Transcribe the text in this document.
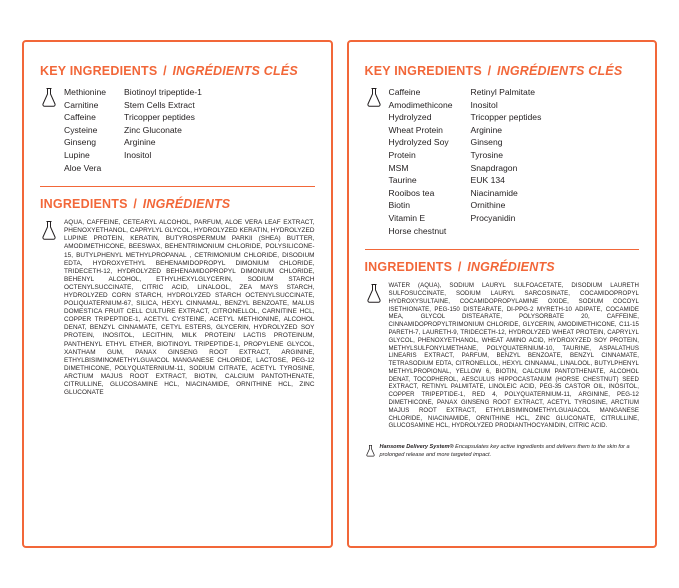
KEY INGREDIENTS / INGRÉDIENTS CLÉS
Methionine
Carnitine
Caffeine
Cysteine
Ginseng
Lupine
Aloe Vera
Biotinoyl tripeptide-1
Stem Cells Extract
Tricopper peptides
Zinc Gluconate
Arginine
Inositol
INGREDIENTS / INGRÉDIENTS
AQUA, CAFFEINE, CETEARYL ALCOHOL, PARFUM, ALOE VERA LEAF EXTRACT, PHENOXYETHANOL, CAPRYLYL GLYCOL, HYDROLYZED KERATIN, HYDROLYZED LUPINE PROTEIN, KERATIN, BUTYROSPERMUM PARKII (SHEA) BUTTER, AMODIMETHICONE, BEESWAX, BEHENTRIMONIUM CHLORIDE, POLYSILICONE-15, BUTYLPHENYL METHYLPROPANAL , CETRIMONIUM CHLORIDE, DISODIUM EDTA, HYDROXYETHYL BEHENAMIDOPROPYL DIMONIUM CHLORIDE, TRIDECETH-12, HYDROLYZED BEHENAMIDOPROPYL DIMONIUM CHLORIDE, BEHENYL ALCOHOL, ETHYLHEXYLGLYCERIN, SODIUM STARCH OCTENYLSUCCINATE, CITRIC ACID, LINALOOL, ZEA MAYS STARCH, HYDROLYZED CORN STARCH, HYDROLYZED STARCH OCTENYLSUCCINATE, POLIQUATERNIUM-67, SILICA, HEXYL CINNAMAL, BENZYL BENZOATE, MALUS DOMESTICA FRUIT CELL CULTURE EXTRACT, CITRONELLOL, CARNITINE HCL, COPPER TRIPEPTIDE-1, ACETYL CYSTEINE, ACETYL METHIONINE, ALCOHOL DENAT, BENZYL CINNAMATE, CETYL ESTERS, GLYCERIN, HYDROLYZED SOY PROTEIN, INOSITOL, LECITHIN, MILK PROTEIN/ LACTIS PROTEINUM, PANTHENYL ETHYL ETHER, BIOTINOYL TRIPEPTIDE-1, PROPYLENE GLYCOL, XANTHAM GUM, PANAX GINSENG ROOT EXTRACT, ARGININE, ETHYLBISIMINOMETHYLGUAICOL MANGANESE CHLORIDE, LACTOSE, PEG-12 DIMETHICONE, POLYQUATERNIUM-11, SODIUM CITRATE, ACETYL TYROSINE, ARCTIUM MAJUS ROOT EXTRACT, BIOTIN, CALCIUM PANTOTHENATE, CITRULLINE, GLUCOSAMINE HCL, NIACINAMIDE, ORNITHINE HCL, ZINC GLUCONATE
KEY INGREDIENTS / INGRÉDIENTS CLÉS
Caffeine
Amodimethicone
Hydrolyzed
Wheat Protein
Hydrolyzed Soy
Protein
MSM
Taurine
Rooibos tea
Biotin
Vitamin E
Horse chestnut
Retinyl Palmitate
Inositol
Tricopper peptides
Arginine
Ginseng
Tyrosine
Snapdragon
EUK 134
Niacinamide
Ornithine
Procyanidin
INGREDIENTS / INGRÉDIENTS
WATER (AQUA), SODIUM LAURYL SULFOACETATE, DISODIUM LAURETH SULFOSUCCINATE, SODIUM LAURYL SARCOSINATE, COCAMIDOPROPYL HYDROXYSULTAINE, COCAMIDOPROPYLAMINE OXIDE, SODIUM COCOYL ISETHIONATE, PEG-150 DISTEARATE, DI-PPG-2 MYRETH-10 ADIPATE, COCAMIDE MEA, GLYCOL DISTEARATE, POLYSORBATE 20, CAFFEINE, CINNAMIDOPROPYLTRIMONIUM CHLORIDE, GLYCERIN, AMODIMETHICONE, C11-15 PARETH-7, LAURETH-9, TRIDECETH-12, HYDROLYZED WHEAT PROTEIN, CAPRYLYL GLYCOL, PHENOXYETHANOL, WHEAT AMINO ACID, HYDROXYZED SOY PROTEIN, METHYLSULFONYLMETHANE, POLYQUATERNIUM-10, TAURINE, ASPALATHUS LINEARIS EXTRACT, PARFUM, BENZYL BENZOATE, BENZYL CINNAMATE, TETRASODIUM EDTA, CITRONELLOL, HEXYL CINNAMAL, LINALOOL, BUTYLPHENYL METHYLPROPIONAL, YELLOW 6, BIOTIN, CALCIUM PANTOTHENATE, ALCOHOL DENAT, TOCOPHEROL, AESCULUS HIPPOCASTANUM (HORSE CHESTNUT) SEED EXTRACT, RETINYL PALMITATE, LINOLEIC ACID, PEG-35 CASTOR OIL, INOSITOL, COPPER TRIPEPTIDE-1, RED 4, POLYQUATERNIUM-11, ARGININE, PEG-12 DIMETHICONE, PANAX GINSENG ROOT EXTRACT, ACETYL TYROSINE, ARCTIUM MAJUS ROOT EXTRACT, ETHYLBISIMINOMETHYLGUAIACOL MANGANESE CHLORIDE, NIACINAMIDE, ORNITHINE HCL, ZINC GLUCONATE, CITRULLINE, GLUCOSAMINE HCL, HYDROLYZED PRODIANTHOCYANIDIN, CITRIC ACID.
Hansome Delivery System® Encapsulates key active ingredients and delivers them to the skin for a prolonged release and more targeted impact.
